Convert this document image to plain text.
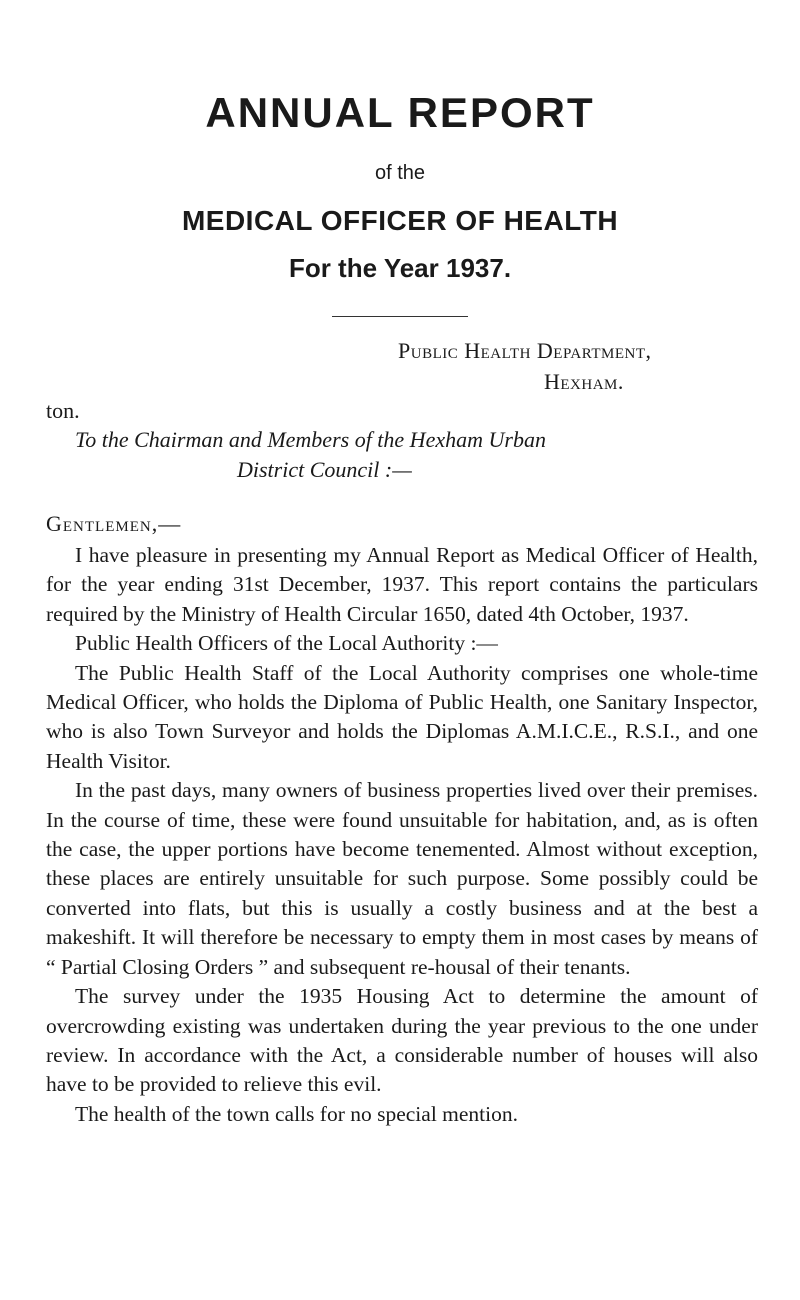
ANNUAL REPORT
of the
MEDICAL OFFICER OF HEALTH
For the Year 1937.
Public Health Department,
Hexham.
ton.
To the Chairman and Members of the Hexham Urban
District Council :—
Gentlemen,—

I have pleasure in presenting my Annual Report as Medical Officer of Health, for the year ending 31st December, 1937. This report contains the particulars required by the Ministry of Health Circular 1650, dated 4th October, 1937.

Public Health Officers of the Local Authority :—

The Public Health Staff of the Local Authority comprises one whole-time Medical Officer, who holds the Diploma of Public Health, one Sanitary Inspector, who is also Town Surveyor and holds the Diplomas A.M.I.C.E., R.S.I., and one Health Visitor.

In the past days, many owners of business properties lived over their premises. In the course of time, these were found unsuitable for habitation, and, as is often the case, the upper portions have become tenemented. Almost without exception, these places are entirely unsuitable for such purpose. Some possibly could be converted into flats, but this is usually a costly business and at the best a makeshift. It will therefore be necessary to empty them in most cases by means of “ Partial Closing Orders ” and subsequent re-housal of their tenants.

The survey under the 1935 Housing Act to determine the amount of overcrowding existing was undertaken during the year previous to the one under review. In accordance with the Act, a considerable number of houses will also have to be provided to relieve this evil.

The health of the town calls for no special mention.
